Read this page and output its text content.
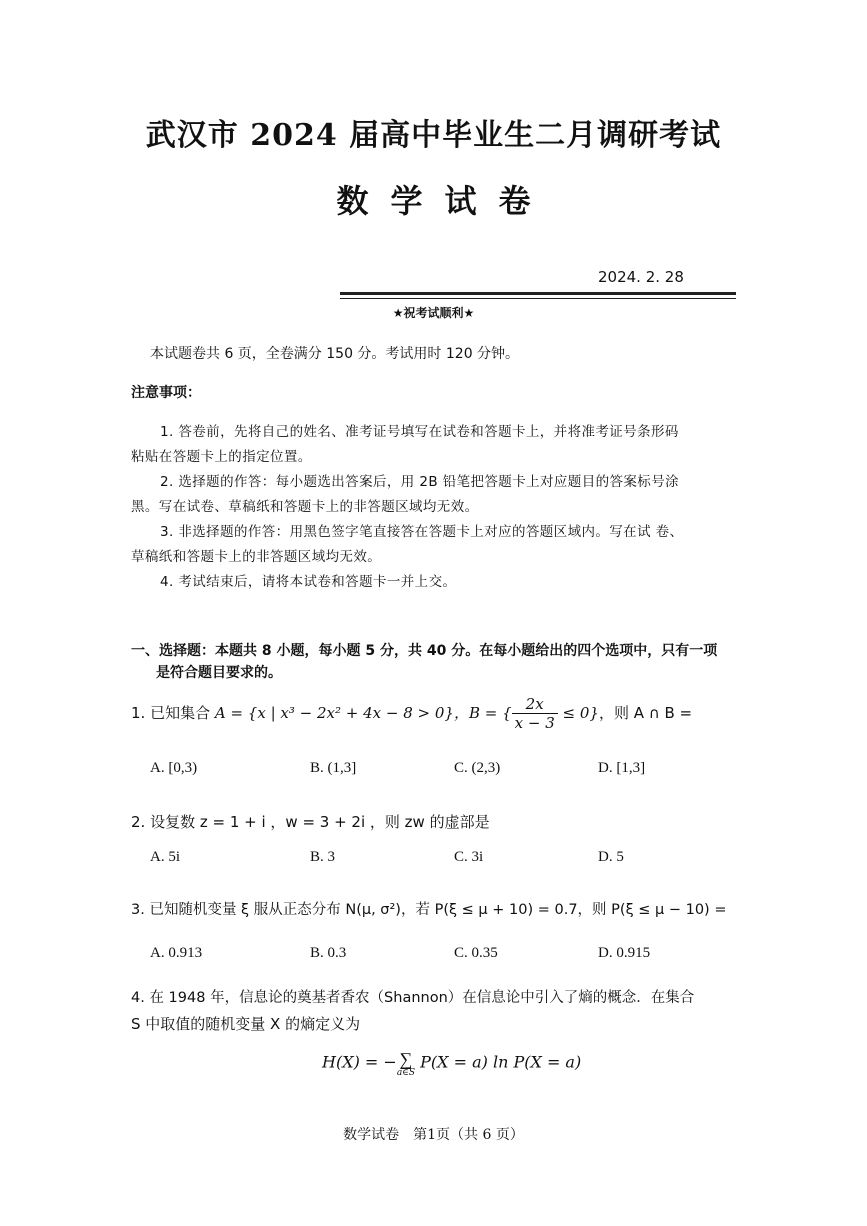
武汉市 2024 届高中毕业生二月调研考试
数学试卷
2024. 2. 28
★祝考试顺利★
本试题卷共 6 页，全卷满分 150 分。考试用时 120 分钟。
注意事项：
1. 答卷前，先将自己的姓名、准考证号填写在试卷和答题卡上，并将准考证号条形码
粘贴在答题卡上的指定位置。
2. 选择题的作答：每小题选出答案后，用 2B 铅笔把答题卡上对应题目的答案标号涂
黑。写在试卷、草稿纸和答题卡上的非答题区域均无效。
3. 非选择题的作答：用黑色签字笔直接答在答题卡上对应的答题区域内。写在试 卷、
草稿纸和答题卡上的非答题区域均无效。
4. 考试结束后，请将本试卷和答题卡一并上交。
一、选择题：本题共 8 小题，每小题 5 分，共 40 分。在每小题给出的四个选项中，只有一项
是符合题目要求的。
1. 已知集合 A = {x | x³ − 2x² + 4x − 8 > 0}，B = { $\frac{2x}{x - 3} \le 0$}，则 A ∩ B =
A. [0,3)	B. (1,3]	C. (2,3)	D. [1,3]
2. 设复数 z = 1 + i ，w = 3 + 2i ，则 zw 的虚部是
A. 5i	B. 3	C. 3i	D. 5
3. 已知随机变量 ξ 服从正态分布 N(μ, σ²)，若 P(ξ ≤ μ + 10) = 0.7，则 P(ξ ≤ μ − 10) =
A. 0.913	B. 0.3	C. 0.35	D. 0.915
4. 在 1948 年，信息论的奠基者香农（Shannon）在信息论中引入了熵的概念．在集合
S 中取值的随机变量 X 的熵定义为
H(X) = − ∑
a∈S
P(X = a) ln P(X = a)
数学试卷　第1页（共 6 页）
